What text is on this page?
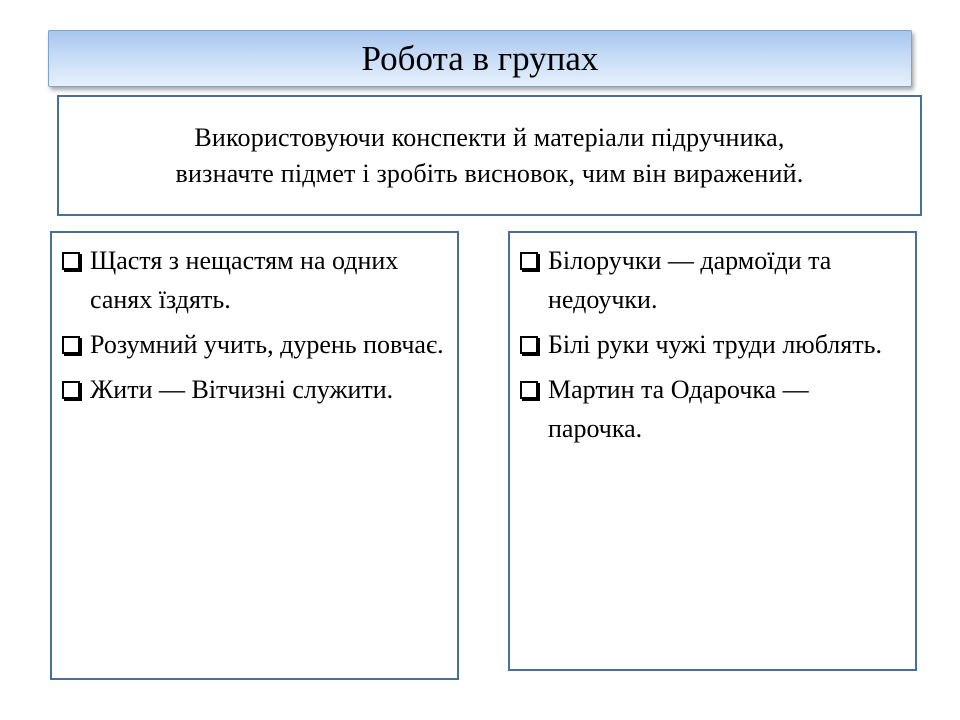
Робота в групах
Використовуючи конспекти й матеріали підручника,
визначте підмет і зробіть висновок, чим він виражений.
Щастя з нещастям на одних санях їздять.
Розумний учить, дурень повчає.
Жити — Вітчизні служити.
Білоручки — дармоїди та недоучки.
Білі руки чужі труди люблять.
Мартин та Одарочка — парочка.
